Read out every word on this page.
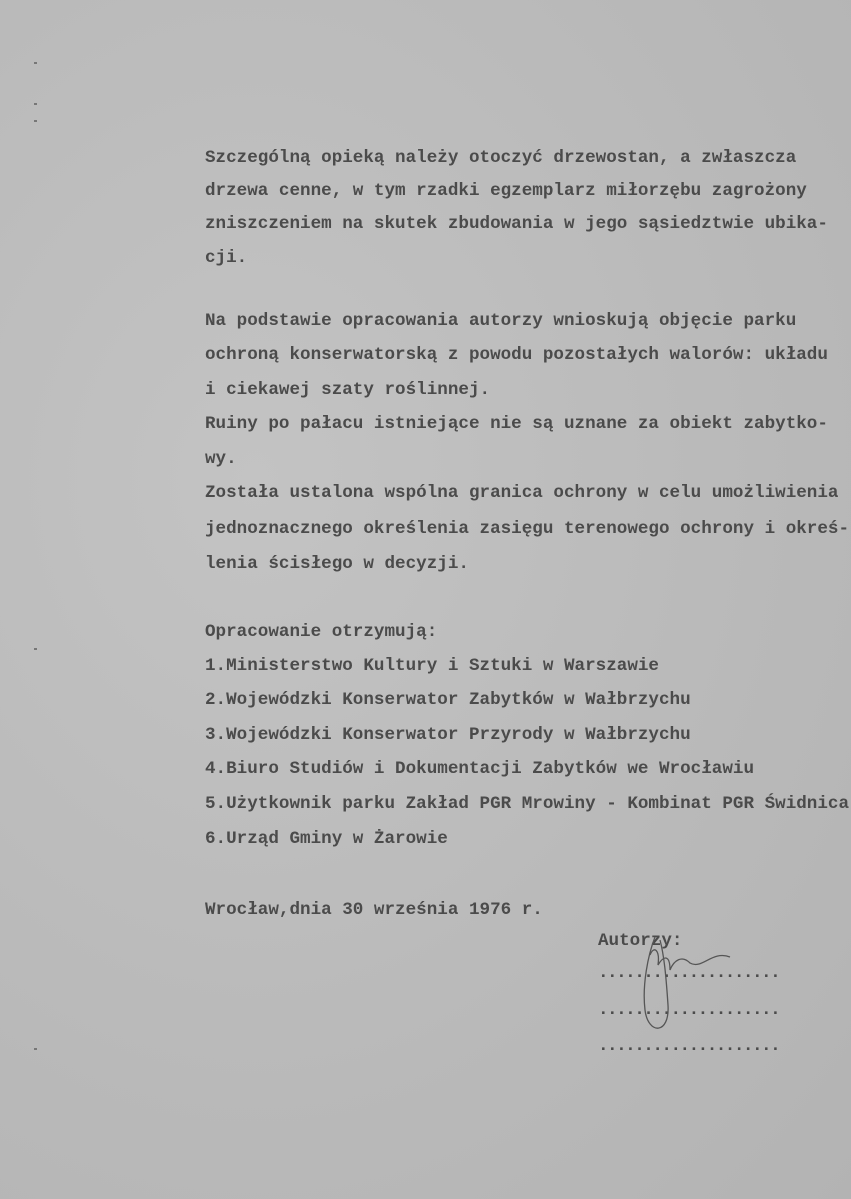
Szczególną opieką należy otoczyć drzewostan, a zwłaszcza
drzewa cenne, w tym rzadki egzemplarz miłorzębu zagrożony
zniszczeniem na skutek zbudowania w jego sąsiedztwie ubika-
cji.
Na podstawie opracowania autorzy wnioskują objęcie parku
ochroną konserwatorską z powodu pozostałych walorów: układu
i ciekawej szaty roślinnej.
Ruiny po pałacu istniejące nie są uznane za obiekt zabytko-
wy.
Została ustalona wspólna granica ochrony w celu umożliwienia
jednoznacznego określenia zasięgu terenowego ochrony i okreś-
lenia ścisłego w decyzji.
Opracowanie otrzymują:
1.Ministerstwo Kultury i Sztuki w Warszawie
2.Wojewódzki Konserwator Zabytków w Wałbrzychu
3.Wojewódzki Konserwator Przyrody w Wałbrzychu
4.Biuro Studiów i Dokumentacji Zabytków we Wrocławiu
5.Użytkownik parku Zakład PGR Mrowiny - Kombinat PGR Świdnica
6.Urząd Gminy w Żarowie
Wrocław,dnia 30 września 1976 r.
Autorzy:
....................
....................
....................
